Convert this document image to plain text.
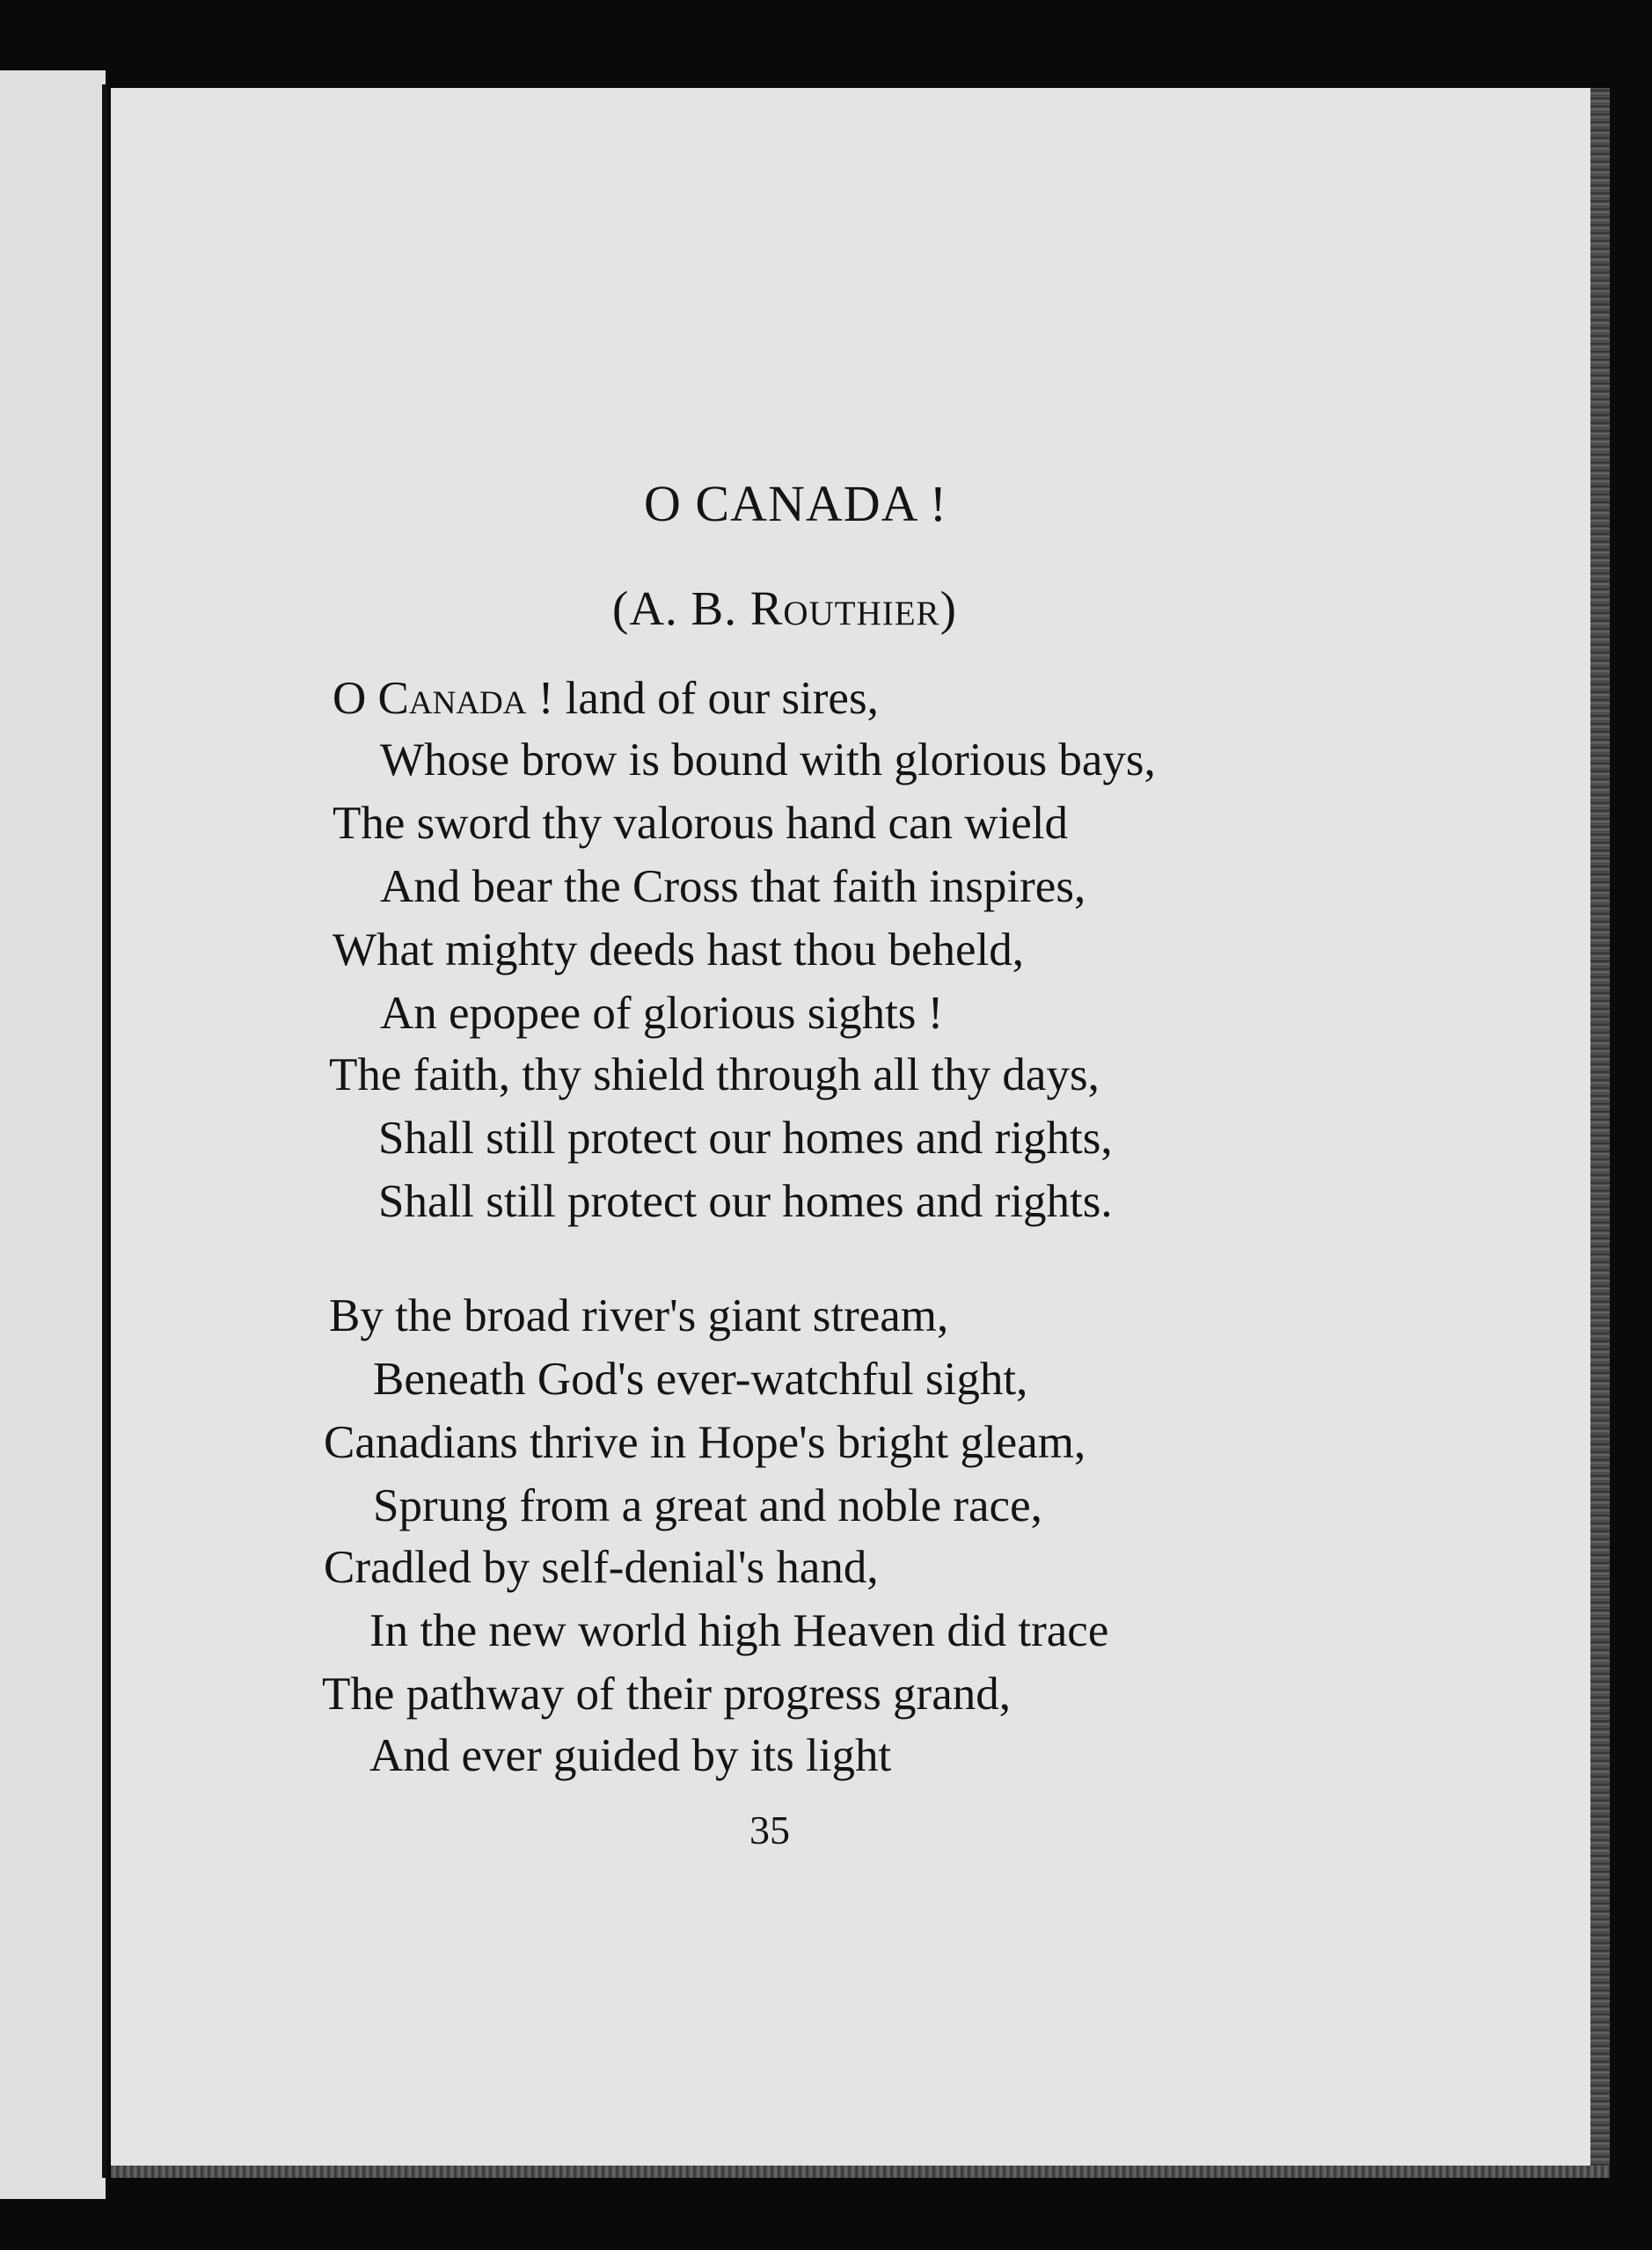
O CANADA !
(A. B. Routhier)
O Canada ! land of our sires,
Whose brow is bound with glorious bays,
The sword thy valorous hand can wield
And bear the Cross that faith inspires,
What mighty deeds hast thou beheld,
An epopee of glorious sights !
The faith, thy shield through all thy days,
Shall still protect our homes and rights,
Shall still protect our homes and rights.
By the broad river's giant stream,
Beneath God's ever-watchful sight,
Canadians thrive in Hope's bright gleam,
Sprung from a great and noble race,
Cradled by self-denial's hand,
In the new world high Heaven did trace
The pathway of their progress grand,
And ever guided by its light
35
